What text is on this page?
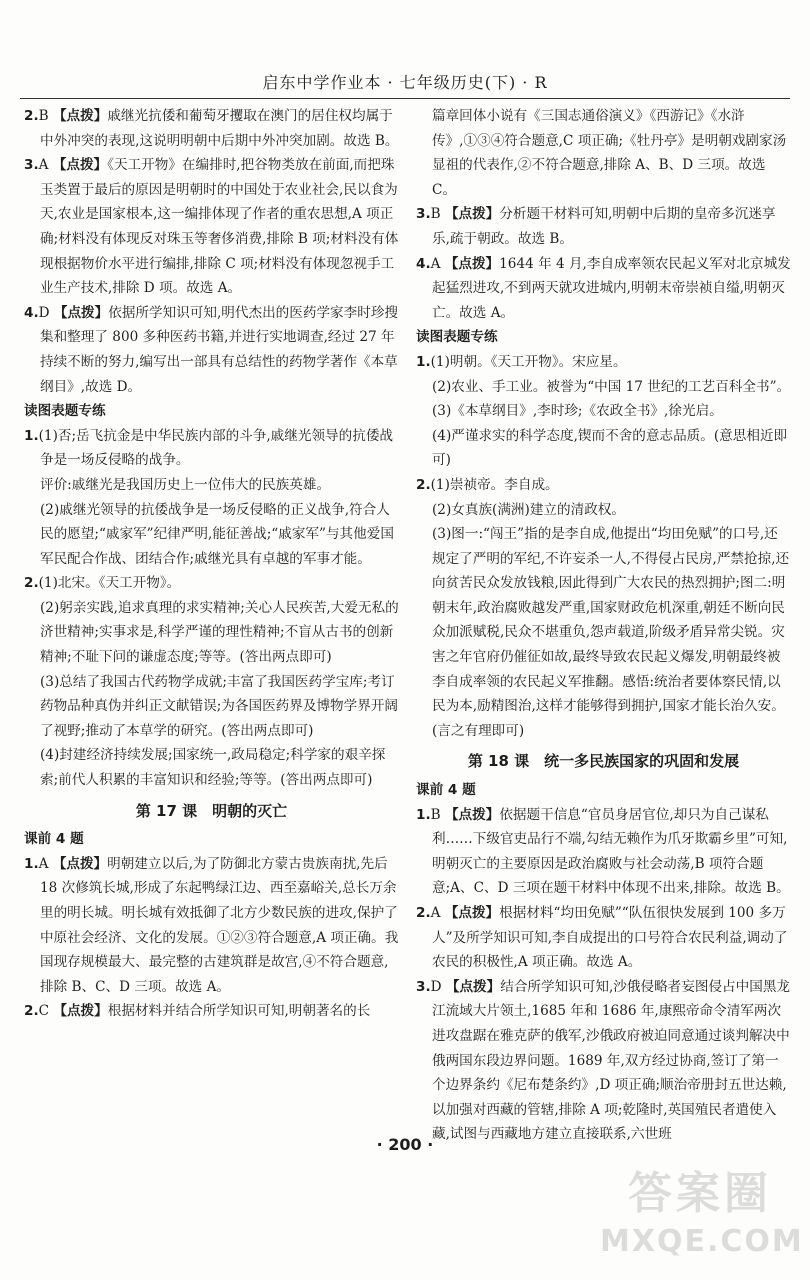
启东中学作业本 · 七年级历史(下) · R

2.B 【点拨】戚继光抗倭和葡萄牙攫取在澳门的居住权均属于中外冲突的表现,这说明明朝中后期中外冲突加剧。故选 B。

3.A 【点拨】《天工开物》在编排时,把谷物类放在前面,而把珠玉类置于最后的原因是明朝时的中国处于农业社会,民以食为天,农业是国家根本,这一编排体现了作者的重农思想,A 项正确;材料没有体现反对珠玉等奢侈消费,排除 B 项;材料没有体现根据物价水平进行编排,排除 C 项;材料没有体现忽视手工业生产技术,排除 D 项。故选 A。

4.D 【点拨】依据所学知识可知,明代杰出的医药学家李时珍搜集和整理了 800 多种医药书籍,并进行实地调查,经过 27 年持续不断的努力,编写出一部具有总结性的药物学著作《本草纲目》,故选 D。

读图表题专练

1.(1)否;岳飞抗金是中华民族内部的斗争,戚继光领导的抗倭战争是一场反侵略的战争。

评价:戚继光是我国历史上一位伟大的民族英雄。

(2)戚继光领导的抗倭战争是一场反侵略的正义战争,符合人民的愿望;“戚家军”纪律严明,能征善战;“戚家军”与其他爱国军民配合作战、团结合作;戚继光具有卓越的军事才能。

2.(1)北宋。《天工开物》。

(2)躬亲实践,追求真理的求实精神;关心人民疾苦,大爱无私的济世精神;实事求是,科学严谨的理性精神;不盲从古书的创新精神;不耻下问的谦虚态度;等等。(答出两点即可)

(3)总结了我国古代药物学成就;丰富了我国医药学宝库;考订药物品种真伪并纠正文献错误;为各国医药界及博物学界开阔了视野;推动了本草学的研究。(答出两点即可)

(4)封建经济持续发展;国家统一,政局稳定;科学家的艰辛探索;前代人积累的丰富知识和经验;等等。(答出两点即可)

第 17 课　明朝的灭亡

课前 4 题

1.A 【点拨】明朝建立以后,为了防御北方蒙古贵族南扰,先后 18 次修筑长城,形成了东起鸭绿江边、西至嘉峪关,总长万余里的明长城。明长城有效抵御了北方少数民族的进攻,保护了中原社会经济、文化的发展。①②③符合题意,A 项正确。我国现存规模最大、最完整的古建筑群是故宫,④不符合题意,排除 B、C、D 三项。故选 A。

2.C 【点拨】根据材料并结合所学知识可知,明朝著名的长

篇章回体小说有《三国志通俗演义》《西游记》《水浒传》,①③④符合题意,C 项正确;《牡丹亭》是明朝戏剧家汤显祖的代表作,②不符合题意,排除 A、B、D 三项。故选 C。

3.B 【点拨】分析题干材料可知,明朝中后期的皇帝多沉迷享乐,疏于朝政。故选 B。

4.A 【点拨】1644 年 4 月,李自成率领农民起义军对北京城发起猛烈进攻,不到两天就攻进城内,明朝末帝崇祯自缢,明朝灭亡。故选 A。

读图表题专练

1.(1)明朝。《天工开物》。宋应星。

(2)农业、手工业。被誉为“中国 17 世纪的工艺百科全书”。

(3)《本草纲目》,李时珍;《农政全书》,徐光启。

(4)严谨求实的科学态度,锲而不舍的意志品质。(意思相近即可)

2.(1)崇祯帝。李自成。

(2)女真族(满洲)建立的清政权。

(3)图一:“闯王”指的是李自成,他提出“均田免赋”的口号,还规定了严明的军纪,不许妄杀一人,不得侵占民房,严禁抢掠,还向贫苦民众发放钱粮,因此得到广大农民的热烈拥护;图二:明朝末年,政治腐败越发严重,国家财政危机深重,朝廷不断向民众加派赋税,民众不堪重负,怨声载道,阶级矛盾异常尖锐。灾害之年官府仍催征如故,最终导致农民起义爆发,明朝最终被李自成率领的农民起义军推翻。感悟:统治者要体察民情,以民为本,励精图治,这样才能够得到拥护,国家才能长治久安。(言之有理即可)

第 18 课　统一多民族国家的巩固和发展

课前 4 题

1.B 【点拨】依据题干信息“官员身居官位,却只为自己谋私利……下级官吏品行不端,勾结无赖作为爪牙欺霸乡里”可知,明朝灭亡的主要原因是政治腐败与社会动荡,B 项符合题意;A、C、D 三项在题干材料中体现不出来,排除。故选 B。

2.A 【点拨】根据材料“均田免赋”“队伍很快发展到 100 多万人”及所学知识可知,李自成提出的口号符合农民利益,调动了农民的积极性,A 项正确。故选 A。

3.D 【点拨】结合所学知识可知,沙俄侵略者妄图侵占中国黑龙江流域大片领土,1685 年和 1686 年,康熙帝命令清军两次进攻盘踞在雅克萨的俄军,沙俄政府被迫同意通过谈判解决中俄两国东段边界问题。1689 年,双方经过协商,签订了第一个边界条约《尼布楚条约》,D 项正确;顺治帝册封五世达赖,以加强对西藏的管辖,排除 A 项;乾隆时,英国殖民者遣使入藏,试图与西藏地方建立直接联系,六世班

· 200 ·
答案圈
MXQE.COM
